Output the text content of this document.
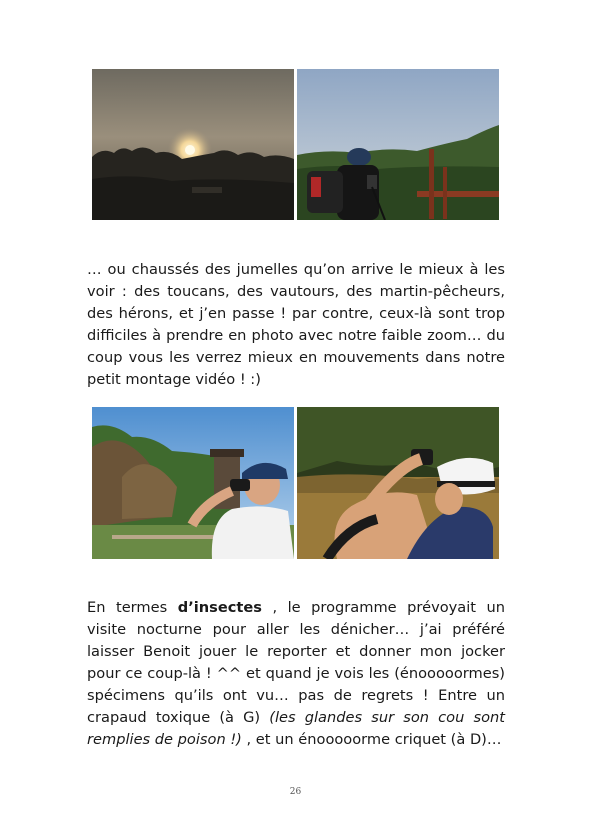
… ou chaussés des jumelles qu’on arrive le mieux à les voir : des toucans, des vautours, des martin-pêcheurs, des hérons, et j’en passe ! par contre, ceux-là sont trop difficiles à prendre en photo avec notre faible zoom… du coup vous les verrez mieux en mouvements dans notre petit montage vidéo ! :)

En termes d’insectes , le programme prévoyait un visite nocturne pour aller les dénicher… j’ai préféré laisser Benoit jouer le reporter et donner mon jocker pour ce coup-là ! ^^ et quand je vois les (énooooormes) spécimens qu’ils ont vu… pas de regrets ! Entre un crapaud toxique (à G) (les glandes sur son cou sont remplies de poison !) , et un énooooorme criquet (à D)…

26
